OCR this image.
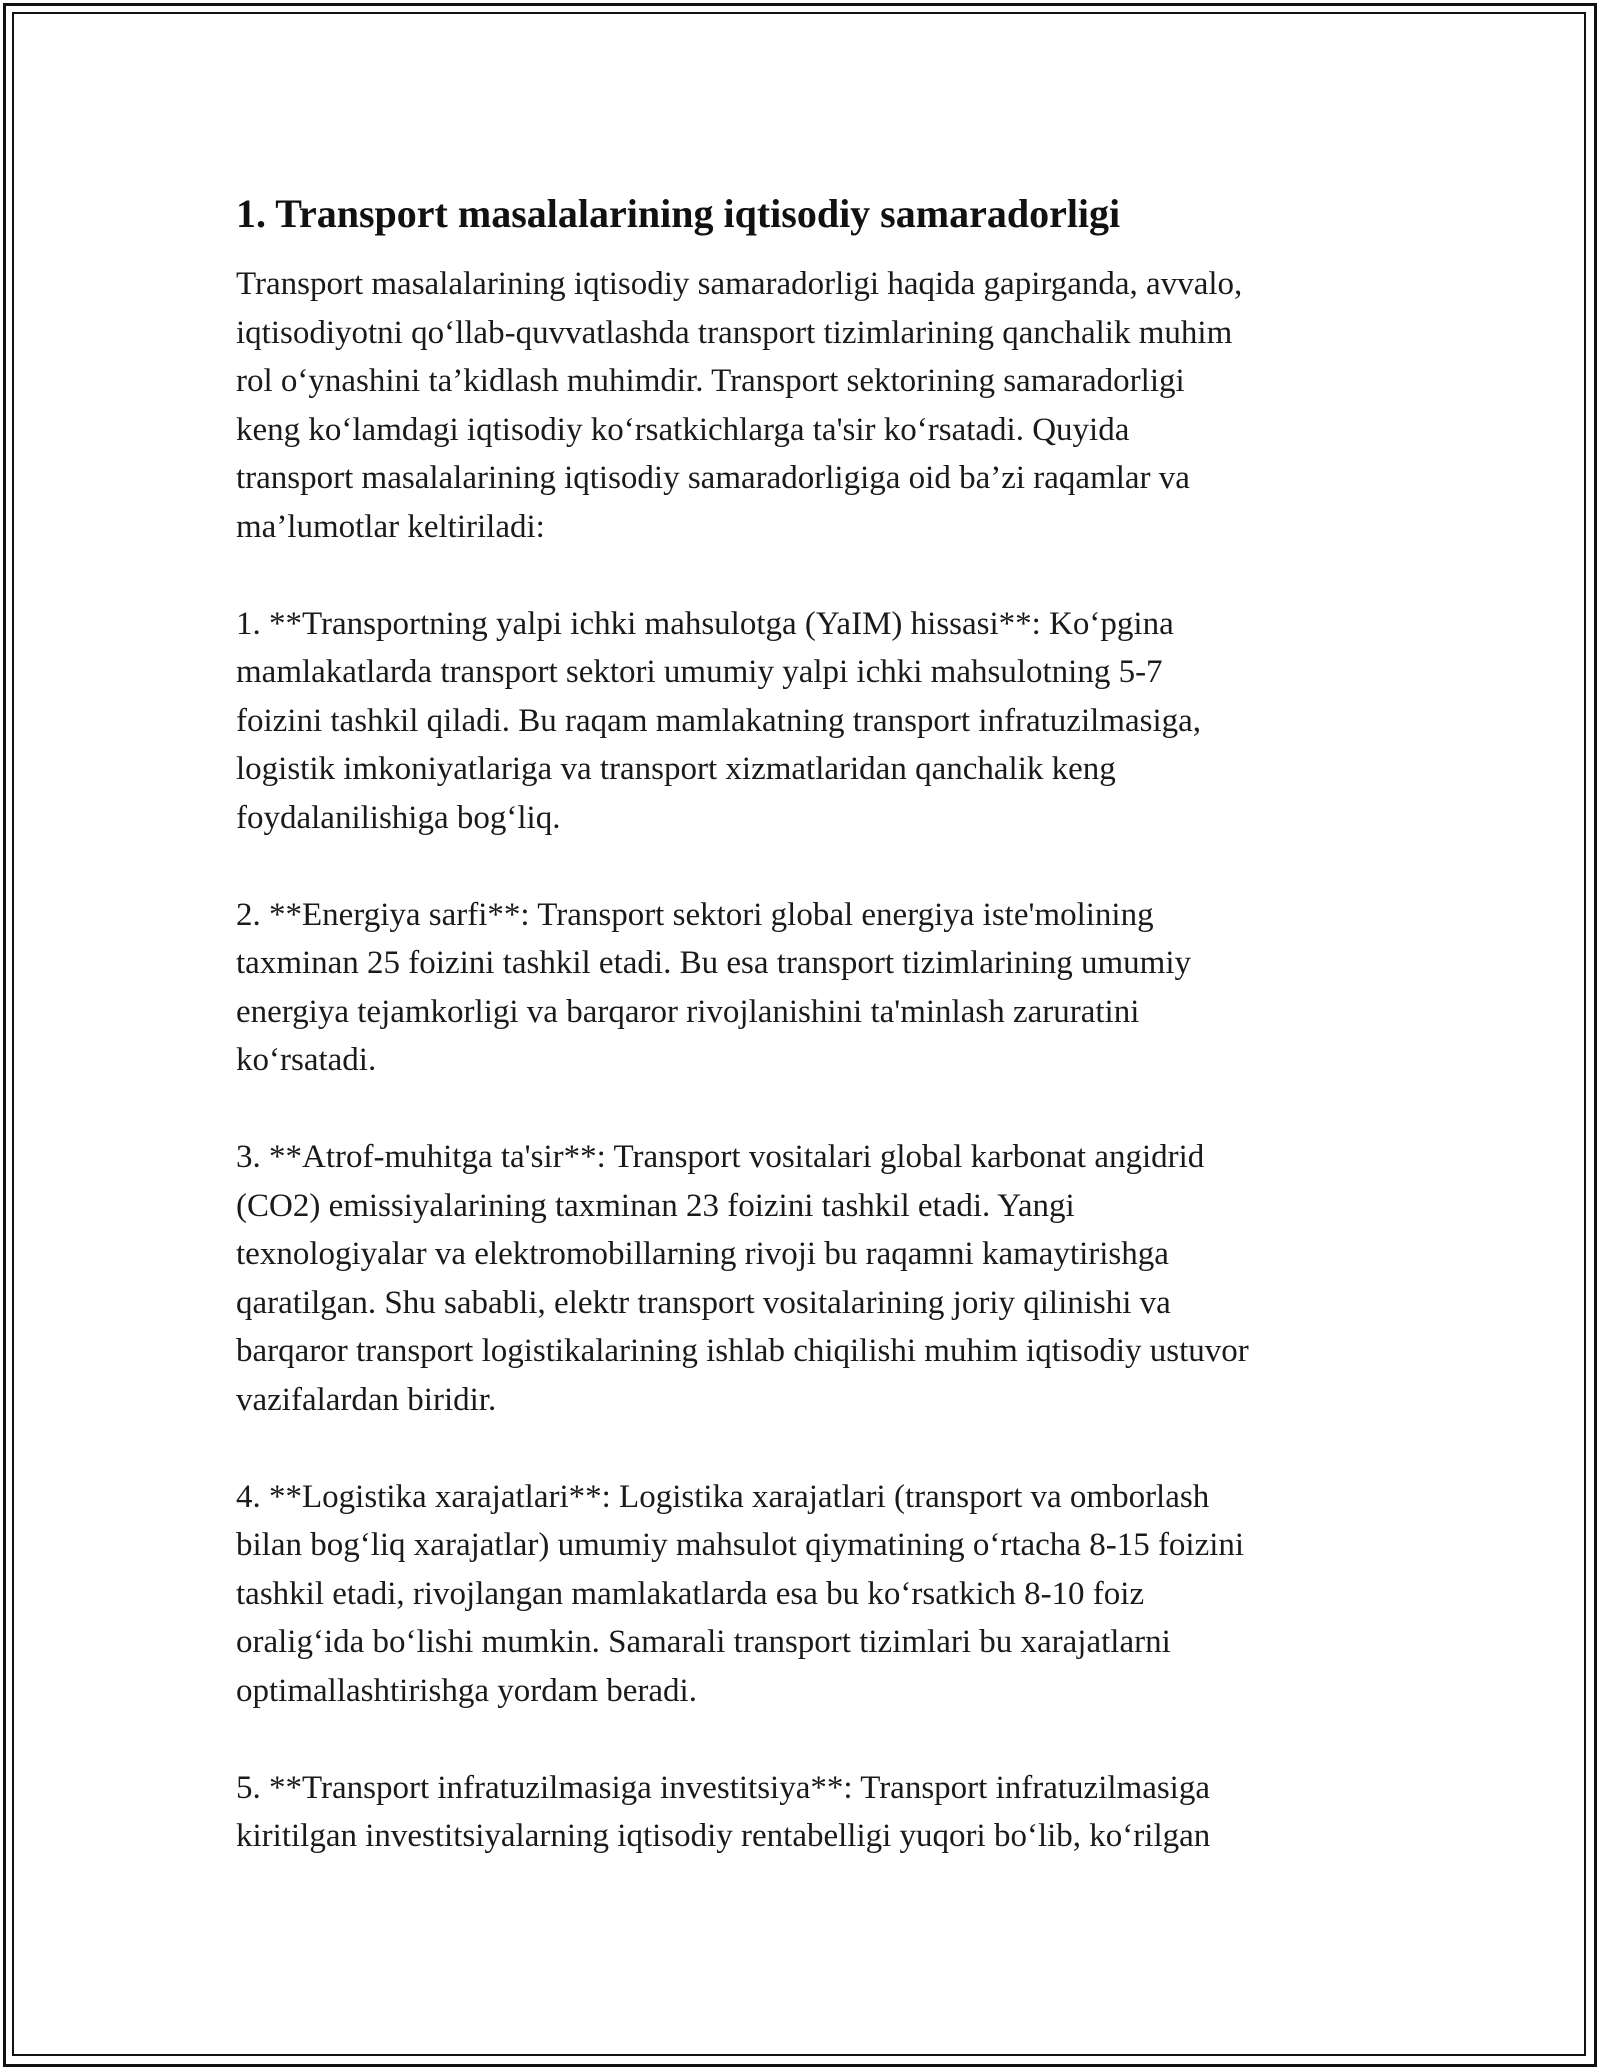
1. Transport masalalarining iqtisodiy samaradorligi

Transport masalalarining iqtisodiy samaradorligi haqida gapirganda, avvalo,
iqtisodiyotni qo‘llab-quvvatlashda transport tizimlarining qanchalik muhim
rol o‘ynashini ta’kidlash muhimdir. Transport sektorining samaradorligi
keng ko‘lamdagi iqtisodiy ko‘rsatkichlarga ta'sir ko‘rsatadi. Quyida
transport masalalarining iqtisodiy samaradorligiga oid ba’zi raqamlar va
ma’lumotlar keltiriladi:

1. **Transportning yalpi ichki mahsulotga (YaIM) hissasi**: Ko‘pgina
mamlakatlarda transport sektori umumiy yalpi ichki mahsulotning 5-7
foizini tashkil qiladi. Bu raqam mamlakatning transport infratuzilmasiga,
logistik imkoniyatlariga va transport xizmatlaridan qanchalik keng
foydalanilishiga bog‘liq.

2. **Energiya sarfi**: Transport sektori global energiya iste'molining
taxminan 25 foizini tashkil etadi. Bu esa transport tizimlarining umumiy
energiya tejamkorligi va barqaror rivojlanishini ta'minlash zaruratini
ko‘rsatadi.

3. **Atrof-muhitga ta'sir**: Transport vositalari global karbonat angidrid
(CO2) emissiyalarining taxminan 23 foizini tashkil etadi. Yangi
texnologiyalar va elektromobillarning rivoji bu raqamni kamaytirishga
qaratilgan. Shu sababli, elektr transport vositalarining joriy qilinishi va
barqaror transport logistikalarining ishlab chiqilishi muhim iqtisodiy ustuvor
vazifalardan biridir.

4. **Logistika xarajatlari**: Logistika xarajatlari (transport va omborlash
bilan bog‘liq xarajatlar) umumiy mahsulot qiymatining o‘rtacha 8-15 foizini
tashkil etadi, rivojlangan mamlakatlarda esa bu ko‘rsatkich 8-10 foiz
oralig‘ida bo‘lishi mumkin. Samarali transport tizimlari bu xarajatlarni
optimallashtirishga yordam beradi.

5. **Transport infratuzilmasiga investitsiya**: Transport infratuzilmasiga
kiritilgan investitsiyalarning iqtisodiy rentabelligi yuqori bo‘lib, ko‘rilgan
